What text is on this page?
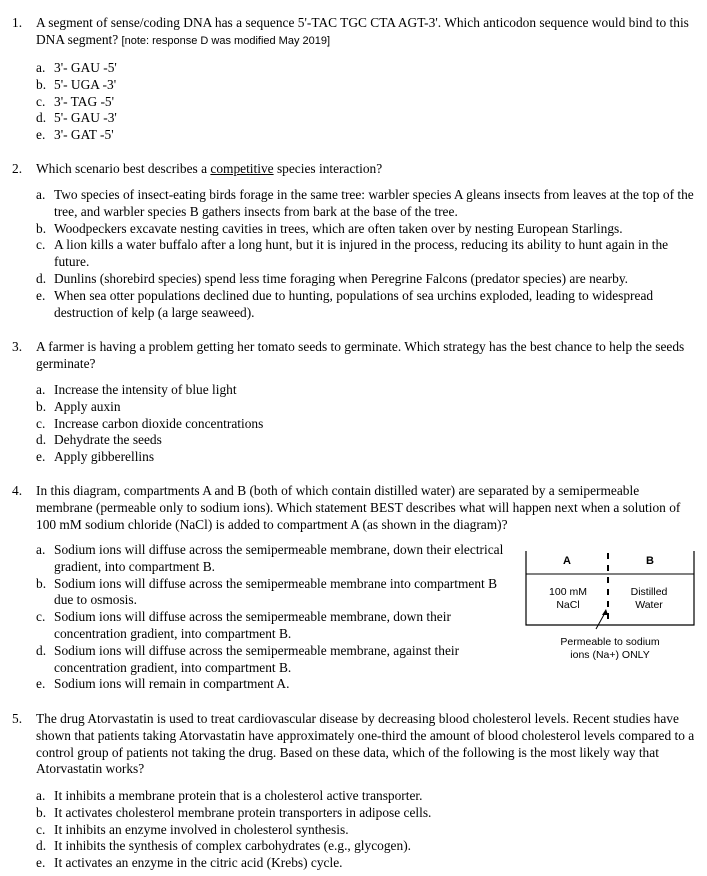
1. A segment of sense/coding DNA has a sequence 5'-TAC TGC CTA AGT-3'. Which anticodon sequence would bind to this DNA segment? [note: response D was modified May 2019]

a. 3'- GAU -5'

b. 5'- UGA -3'

c. 3'- TAG -5'

d. 5'- GAU -3'

e. 3'- GAT -5'

2. Which scenario best describes a competitive species interaction?

a. Two species of insect-eating birds forage in the same tree: warbler species A gleans insects from leaves at the top of the tree, and warbler species B gathers insects from bark at the base of the tree.

b. Woodpeckers excavate nesting cavities in trees, which are often taken over by nesting European Starlings.

c. A lion kills a water buffalo after a long hunt, but it is injured in the process, reducing its ability to hunt again in the future.

d. Dunlins (shorebird species) spend less time foraging when Peregrine Falcons (predator species) are nearby.

e. When sea otter populations declined due to hunting, populations of sea urchins exploded, leading to widespread destruction of kelp (a large seaweed).

3. A farmer is having a problem getting her tomato seeds to germinate. Which strategy has the best chance to help the seeds germinate?

a. Increase the intensity of blue light

b. Apply auxin

c. Increase carbon dioxide concentrations

d. Dehydrate the seeds

e. Apply gibberellins

4. In this diagram, compartments A and B (both of which contain distilled water) are separated by a semipermeable membrane (permeable only to sodium ions). Which statement BEST describes what will happen next when a solution of 100 mM sodium chloride (NaCl) is added to compartment A (as shown in the diagram)?

a. Sodium ions will diffuse across the semipermeable membrane, down their electrical gradient, into compartment B.

b. Sodium ions will diffuse across the semipermeable membrane into compartment B due to osmosis.

c. Sodium ions will diffuse across the semipermeable membrane, down their concentration gradient, into compartment B.

d. Sodium ions will diffuse across the semipermeable membrane, against their concentration gradient, into compartment B.

e. Sodium ions will remain in compartment A.

A	B
100 mM
NaCl
Distilled
Water
Permeable to sodium
ions (Na+) ONLY
5. The drug Atorvastatin is used to treat cardiovascular disease by decreasing blood cholesterol levels. Recent studies have shown that patients taking Atorvastatin have approximately one-third the amount of blood cholesterol levels compared to a control group of patients not taking the drug. Based on these data, which of the following is the most likely way that Atorvastatin works?

a. It inhibits a membrane protein that is a cholesterol active transporter.

b. It activates cholesterol membrane protein transporters in adipose cells.

c. It inhibits an enzyme involved in cholesterol synthesis.

d. It inhibits the synthesis of complex carbohydrates (e.g., glycogen).

e. It activates an enzyme in the citric acid (Krebs) cycle.
